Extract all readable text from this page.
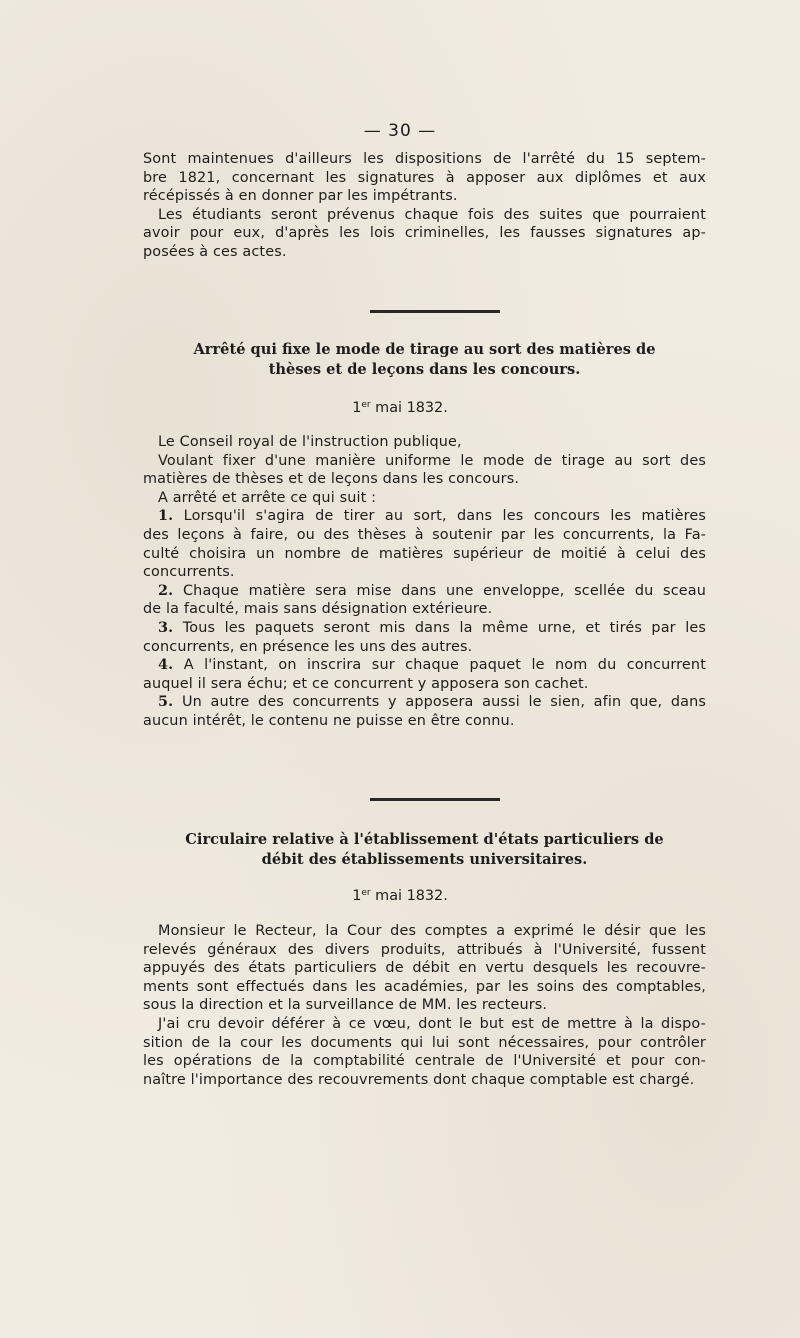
— 30 —
Sont maintenues d'ailleurs les dispositions de l'arrêté du 15 septem-
bre 1821, concernant les signatures à apposer aux diplômes et aux
récépissés à en donner par les impétrants.
Les étudiants seront prévenus chaque fois des suites que pourraient
avoir pour eux, d'après les lois criminelles, les fausses signatures ap-
posées à ces actes.
Arrêté qui fixe le mode de tirage au sort des matières de
thèses et de leçons dans les concours.
1er mai 1832.
Le Conseil royal de l'instruction publique,
Voulant fixer d'une manière uniforme le mode de tirage au sort des
matières de thèses et de leçons dans les concours.
A arrêté et arrête ce qui suit :
1. Lorsqu'il s'agira de tirer au sort, dans les concours les matières
des leçons à faire, ou des thèses à soutenir par les concurrents, la Fa-
culté choisira un nombre de matières supérieur de moitié à celui des
concurrents.
2. Chaque matière sera mise dans une enveloppe, scellée du sceau
de la faculté, mais sans désignation extérieure.
3. Tous les paquets seront mis dans la même urne, et tirés par les
concurrents, en présence les uns des autres.
4. A l'instant, on inscrira sur chaque paquet le nom du concurrent
auquel il sera échu; et ce concurrent y apposera son cachet.
5. Un autre des concurrents y apposera aussi le sien, afin que, dans
aucun intérêt, le contenu ne puisse en être connu.
Circulaire relative à l'établissement d'états particuliers de
débit des établissements universitaires.
1er mai 1832.
Monsieur le Recteur, la Cour des comptes a exprimé le désir que les
relevés généraux des divers produits, attribués à l'Université, fussent
appuyés des états particuliers de débit en vertu desquels les recouvre-
ments sont effectués dans les académies, par les soins des comptables,
sous la direction et la surveillance de MM. les recteurs.
J'ai cru devoir déférer à ce vœu, dont le but est de mettre à la dispo-
sition de la cour les documents qui lui sont nécessaires, pour contrôler
les opérations de la comptabilité centrale de l'Université et pour con-
naître l'importance des recouvrements dont chaque comptable est chargé.
